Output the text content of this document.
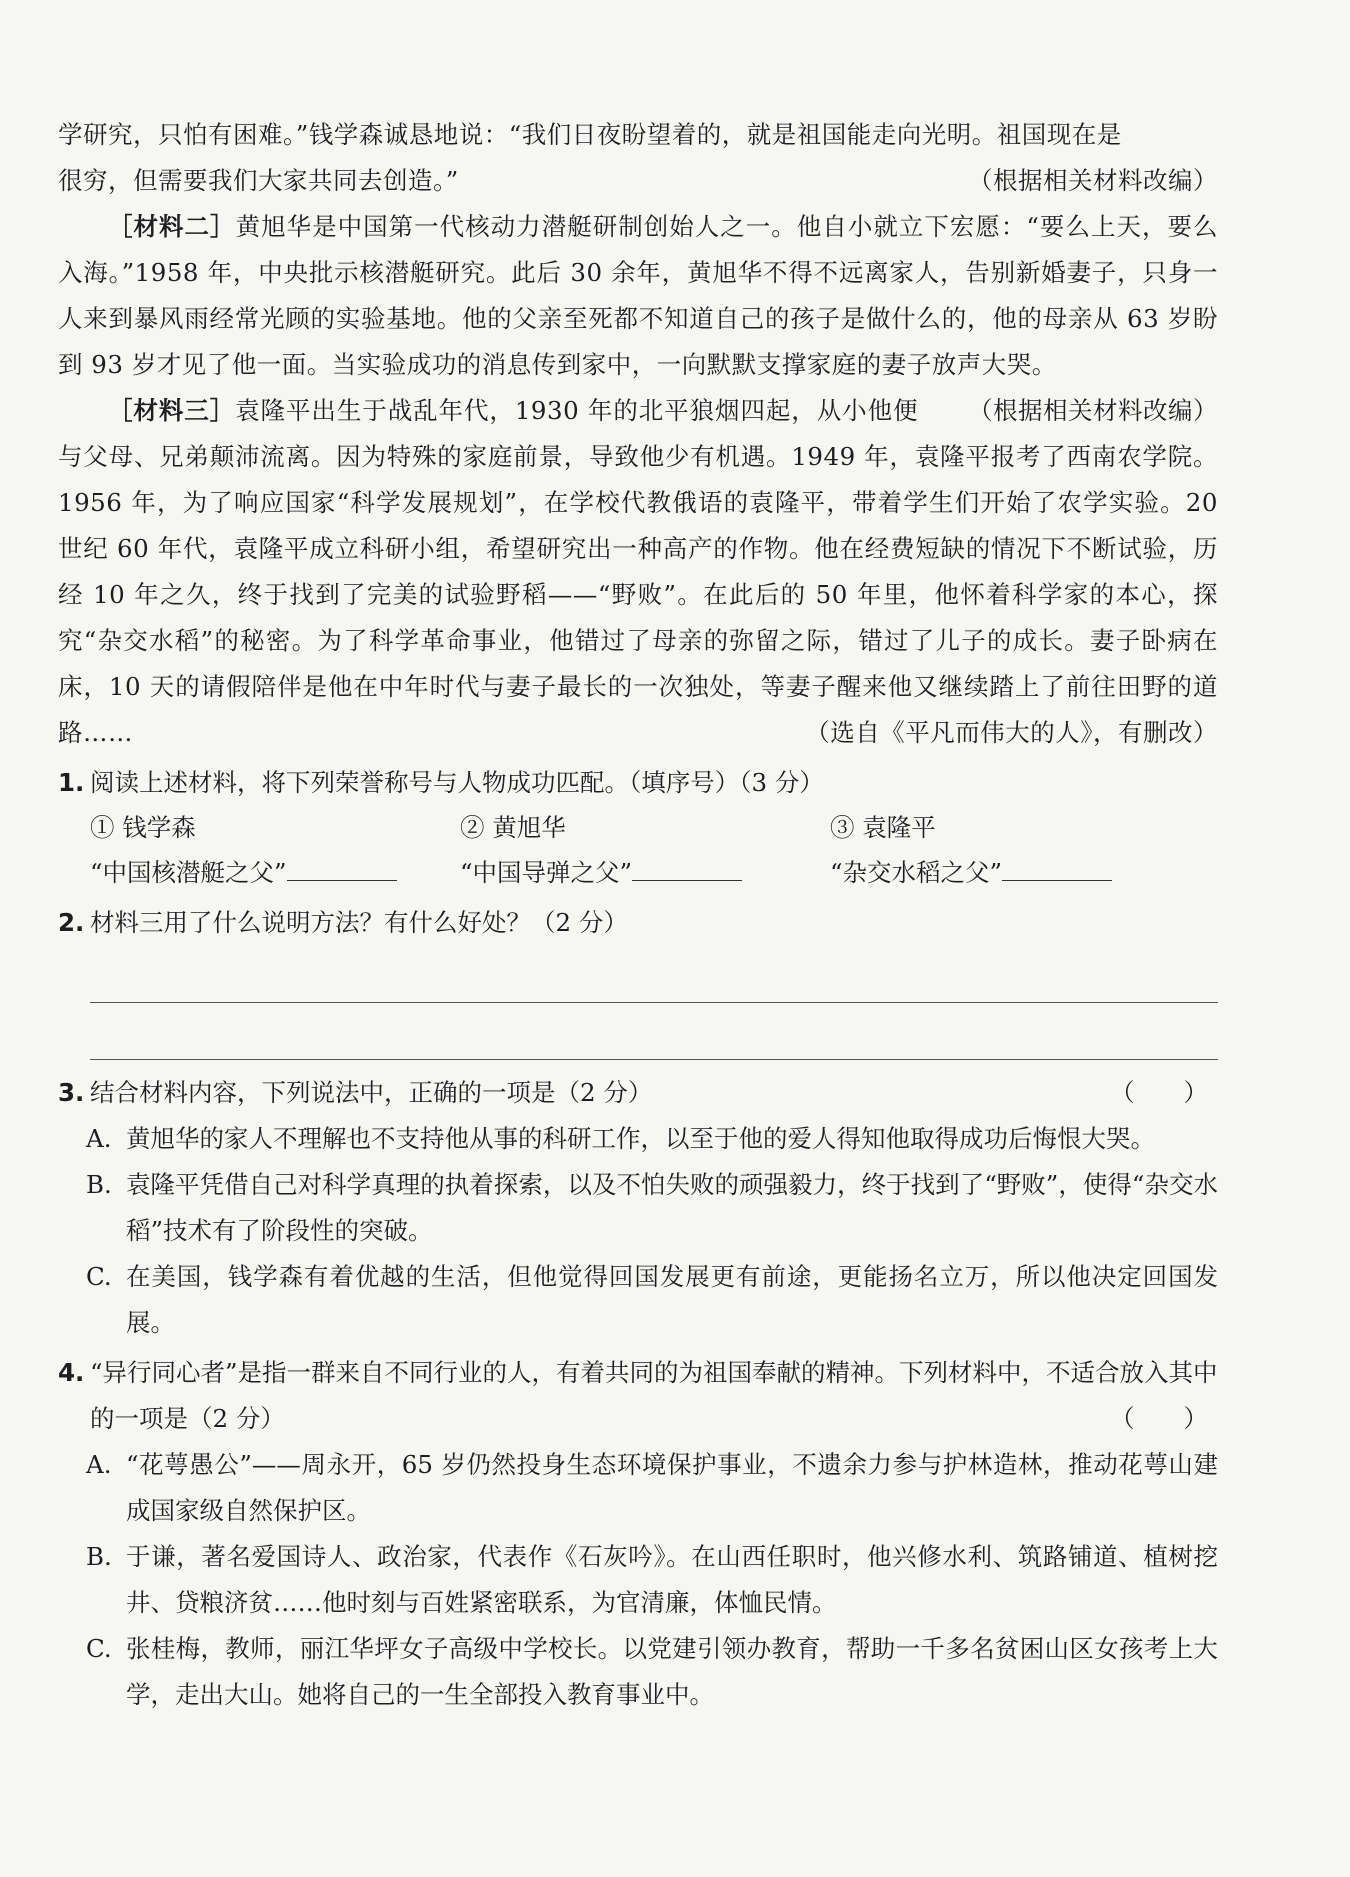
学研究，只怕有困难。”钱学森诚恳地说：“我们日夜盼望着的，就是祖国能走向光明。祖国现在是

很穷，但需要我们大家共同去创造。”	（根据相关材料改编）

［材料二］黄旭华是中国第一代核动力潜艇研制创始人之一。他自小就立下宏愿：“要么上天，要么入海。”1958 年，中央批示核潜艇研究。此后 30 余年，黄旭华不得不远离家人，告别新婚妻子，只身一人来到暴风雨经常光顾的实验基地。他的父亲至死都不知道自己的孩子是做什么的，他的母亲从 63 岁盼到 93 岁才见了他一面。当实验成功的消息传到家中，一向默默支撑家庭的妻子放声大哭。
（根据相关材料改编）

［材料三］袁隆平出生于战乱年代，1930 年的北平狼烟四起，从小他便与父母、兄弟颠沛流离。因为特殊的家庭前景，导致他少有机遇。1949 年，袁隆平报考了西南农学院。1956 年，为了响应国家“科学发展规划”，在学校代教俄语的袁隆平，带着学生们开始了农学实验。20 世纪 60 年代，袁隆平成立科研小组，希望研究出一种高产的作物。他在经费短缺的情况下不断试验，历经 10 年之久，终于找到了完美的试验野稻——“野败”。在此后的 50 年里，他怀着科学家的本心，探究“杂交水稻”的秘密。为了科学革命事业，他错过了母亲的弥留之际，错过了儿子的成长。妻子卧病在床，10 天的请假陪伴是他在中年时代与妻子最长的一次独处，等妻子醒来他又继续踏上了前往田野的道路……	（选自《平凡而伟大的人》，有删改）

1. 阅读上述材料，将下列荣誉称号与人物成功匹配。（填序号）（3 分）
① 钱学森	② 黄旭华	③ 袁隆平
“中国核潜艇之父”	“中国导弹之父”	“杂交水稻之父”
2. 材料三用了什么说明方法？有什么好处？（2 分）
3. 结合材料内容，下列说法中，正确的一项是（2 分）	（　　）
A. 黄旭华的家人不理解也不支持他从事的科研工作，以至于他的爱人得知他取得成功后悔恨大哭。
B. 袁隆平凭借自己对科学真理的执着探索，以及不怕失败的顽强毅力，终于找到了“野败”，使得“杂交水稻”技术有了阶段性的突破。
C. 在美国，钱学森有着优越的生活，但他觉得回国发展更有前途，更能扬名立万，所以他决定回国发展。
4. “异行同心者”是指一群来自不同行业的人，有着共同的为祖国奉献的精神。下列材料中，不适合放入其中的一项是（2 分）	（　　）
A. “花萼愚公”——周永开，65 岁仍然投身生态环境保护事业，不遗余力参与护林造林，推动花萼山建成国家级自然保护区。
B. 于谦，著名爱国诗人、政治家，代表作《石灰吟》。在山西任职时，他兴修水利、筑路铺道、植树挖井、贷粮济贫……他时刻与百姓紧密联系，为官清廉，体恤民情。
C. 张桂梅，教师，丽江华坪女子高级中学校长。以党建引领办教育，帮助一千多名贫困山区女孩考上大学，走出大山。她将自己的一生全部投入教育事业中。
